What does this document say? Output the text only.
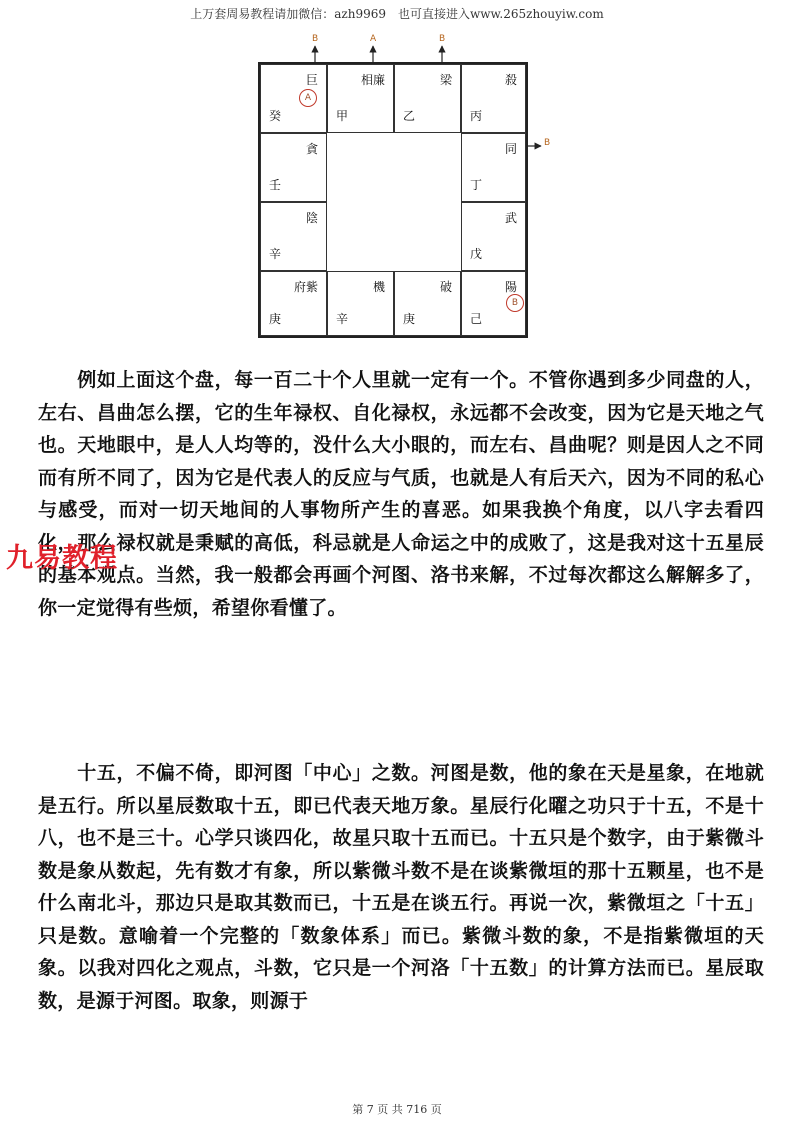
上万套周易教程请加微信：azh9969　也可直接进入www.265zhouyiw.com
B	A	B
B
巨
A
癸
相廉
甲
梁
乙
殺
丙
貪
壬
同
丁
陰
辛
武
戊
府紫
庚
機
辛
破
庚
陽
B
己

　　例如上面这个盘，每一百二十个人里就一定有一个。不管你遇到多少同盘的人，左右、昌曲怎么摆，它的生年禄权、自化禄权，永远都不会改变，因为它是天地之气也。天地眼中，是人人均等的，没什么大小眼的，而左右、昌曲呢？则是因人之不同而有所不同了，因为它是代表人的反应与气质，也就是人有后天六，因为不同的私心与感受，而对一切天地间的人事物所产生的喜恶。如果我换个角度，以八字去看四化，那么禄权就是秉赋的高低，科忌就是人命运之中的成败了，这是我对这十五星辰的基本观点。当然，我一般都会再画个河图、洛书来解，不过每次都这么解解多了，你一定觉得有些烦，希望你看懂了。

九易教程

　　十五，不偏不倚，即河图「中心」之数。河图是数，他的象在天是星象，在地就是五行。所以星辰数取十五，即已代表天地万象。星辰行化曜之功只于十五，不是十八，也不是三十。心学只谈四化，故星只取十五而已。十五只是个数字，由于紫微斗数是象从数起，先有数才有象，所以紫微斗数不是在谈紫微垣的那十五颗星，也不是什么南北斗，那边只是取其数而已，十五是在谈五行。再说一次，紫微垣之「十五」只是数。意喻着一个完整的「数象体系」而已。紫微斗数的象，不是指紫微垣的天象。以我对四化之观点，斗数，它只是一个河洛「十五数」的计算方法而已。星辰取数，是源于河图。取象，则源于

第 7 页 共 716 页
